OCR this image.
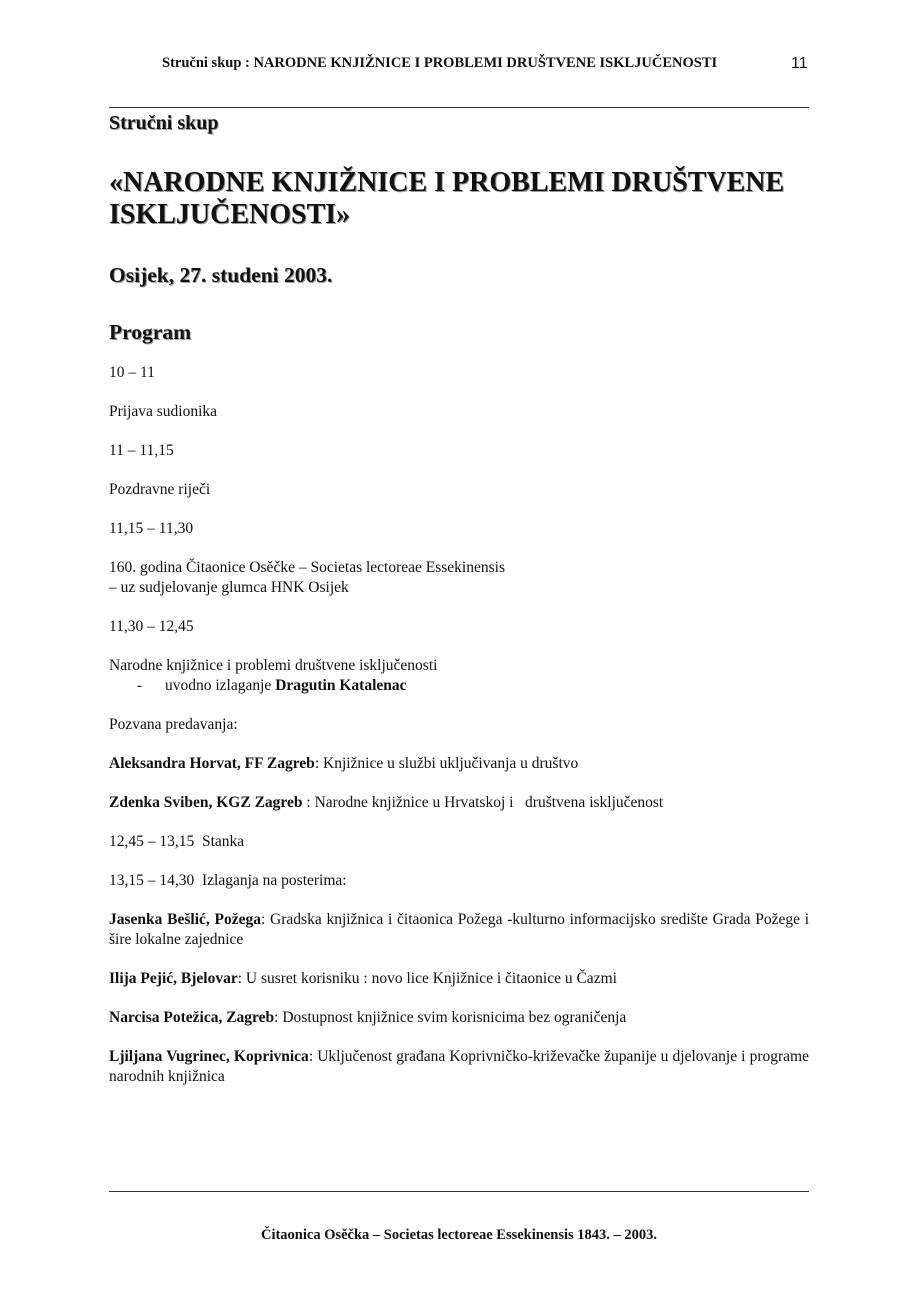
Stručni skup : NARODNE KNJIŽNICE I PROBLEMI DRUŠTVENE ISKLJUČENOSTI	11
Stručni skup
«NARODNE KNJIŽNICE I PROBLEMI DRUŠTVENE ISKLJUČENOSTI»
Osijek, 27. studeni 2003.
Program

10 – 11

Prijava sudionika

11 – 11,15

Pozdravne riječi

11,15 – 11,30

160. godina Čitaonice Osěčke – Societas lectoreae Essekinensis
– uz sudjelovanje glumca HNK Osijek

11,30 – 12,45

Narodne knjižnice i problemi društvene isključenosti
- uvodno izlaganje Dragutin Katalenac

Pozvana predavanja:

Aleksandra Horvat, FF Zagreb: Knjižnice u službi uključivanja u društvo

Zdenka Sviben, KGZ Zagreb : Narodne knjižnice u Hrvatskoj i   društvena isključenost

12,45 – 13,15  Stanka

13,15 – 14,30  Izlaganja na posterima:

Jasenka Bešlić, Požega: Gradska knjižnica i čitaonica Požega -kulturno informacijsko središte Grada Požege i šire lokalne zajednice

Ilija Pejić, Bjelovar: U susret korisniku : novo lice Knjižnice i čitaonice u Čazmi

Narcisa Potežica, Zagreb: Dostupnost knjižnice svim korisnicima bez ograničenja

Ljiljana Vugrinec, Koprivnica: Uključenost građana Koprivničko-križevačke županije u djelovanje i programe narodnih knjižnica

Čitaonica Osěčka – Societas lectoreae Essekinensis 1843. – 2003.
